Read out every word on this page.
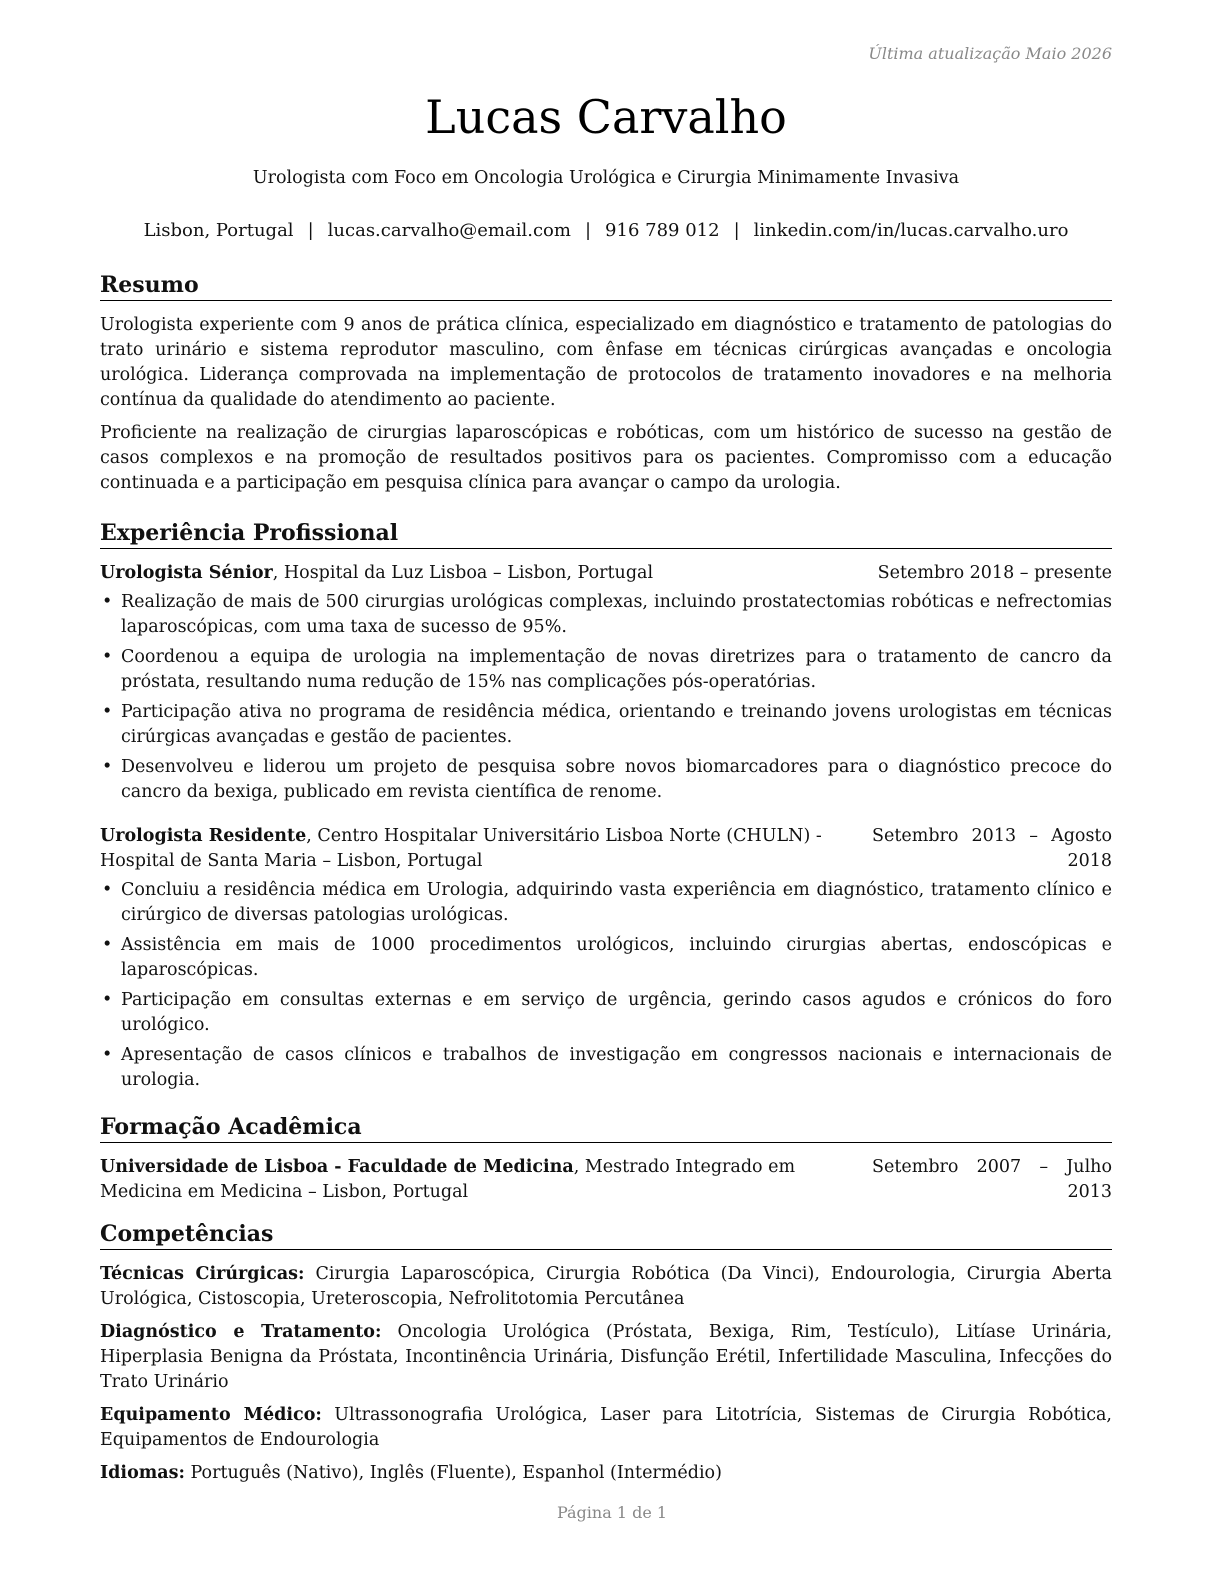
Última atualização Maio 2026
Lucas Carvalho
Urologista com Foco em Oncologia Urológica e Cirurgia Minimamente Invasiva
Lisbon, Portugal | lucas.carvalho@email.com | 916 789 012 | linkedin.com/in/lucas.carvalho.uro
Resumo

Urologista experiente com 9 anos de prática clínica, especializado em diagnóstico e tratamento de patologias do trato urinário e sistema reprodutor masculino, com ênfase em técnicas cirúrgicas avançadas e oncologia urológica. Liderança comprovada na implementação de protocolos de tratamento inovadores e na melhoria contínua da qualidade do atendimento ao paciente.

Proficiente na realização de cirurgias laparoscópicas e robóticas, com um histórico de sucesso na gestão de casos complexos e na promoção de resultados positivos para os pacientes. Compromisso com a educação continuada e a participação em pesquisa clínica para avançar o campo da urologia.

Experiência Profissional
Urologista Sénior, Hospital da Luz Lisboa – Lisbon, Portugal	Setembro 2018 – presente
• Realização de mais de 500 cirurgias urológicas complexas, incluindo prostatectomias robóticas e nefrectomias laparoscópicas, com uma taxa de sucesso de 95%.
• Coordenou a equipa de urologia na implementação de novas diretrizes para o tratamento de cancro da próstata, resultando numa redução de 15% nas complicações pós-operatórias.
• Participação ativa no programa de residência médica, orientando e treinando jovens urologistas em técnicas cirúrgicas avançadas e gestão de pacientes.
• Desenvolveu e liderou um projeto de pesquisa sobre novos biomarcadores para o diagnóstico precoce do cancro da bexiga, publicado em revista científica de renome.
Urologista Residente, Centro Hospitalar Universitário Lisboa Norte (CHULN) - Hospital de Santa Maria – Lisbon, Portugal
Setembro 2013 – Agosto 2018
• Concluiu a residência médica em Urologia, adquirindo vasta experiência em diagnóstico, tratamento clínico e cirúrgico de diversas patologias urológicas.
• Assistência em mais de 1000 procedimentos urológicos, incluindo cirurgias abertas, endoscópicas e laparoscópicas.
• Participação em consultas externas e em serviço de urgência, gerindo casos agudos e crónicos do foro urológico.
• Apresentação de casos clínicos e trabalhos de investigação em congressos nacionais e internacionais de urologia.
Formação Acadêmica
Universidade de Lisboa - Faculdade de Medicina, Mestrado Integrado em Medicina em Medicina – Lisbon, Portugal
Setembro 2007 – Julho 2013
Competências
Técnicas Cirúrgicas: Cirurgia Laparoscópica, Cirurgia Robótica (Da Vinci), Endourologia, Cirurgia Aberta Urológica, Cistoscopia, Ureteroscopia, Nefrolitotomia Percutânea
Diagnóstico e Tratamento: Oncologia Urológica (Próstata, Bexiga, Rim, Testículo), Litíase Urinária, Hiperplasia Benigna da Próstata, Incontinência Urinária, Disfunção Erétil, Infertilidade Masculina, Infecções do Trato Urinário
Equipamento Médico: Ultrassonografia Urológica, Laser para Litotrícia, Sistemas de Cirurgia Robótica, Equipamentos de Endourologia
Idiomas: Português (Nativo), Inglês (Fluente), Espanhol (Intermédio)
Página 1 de 1
